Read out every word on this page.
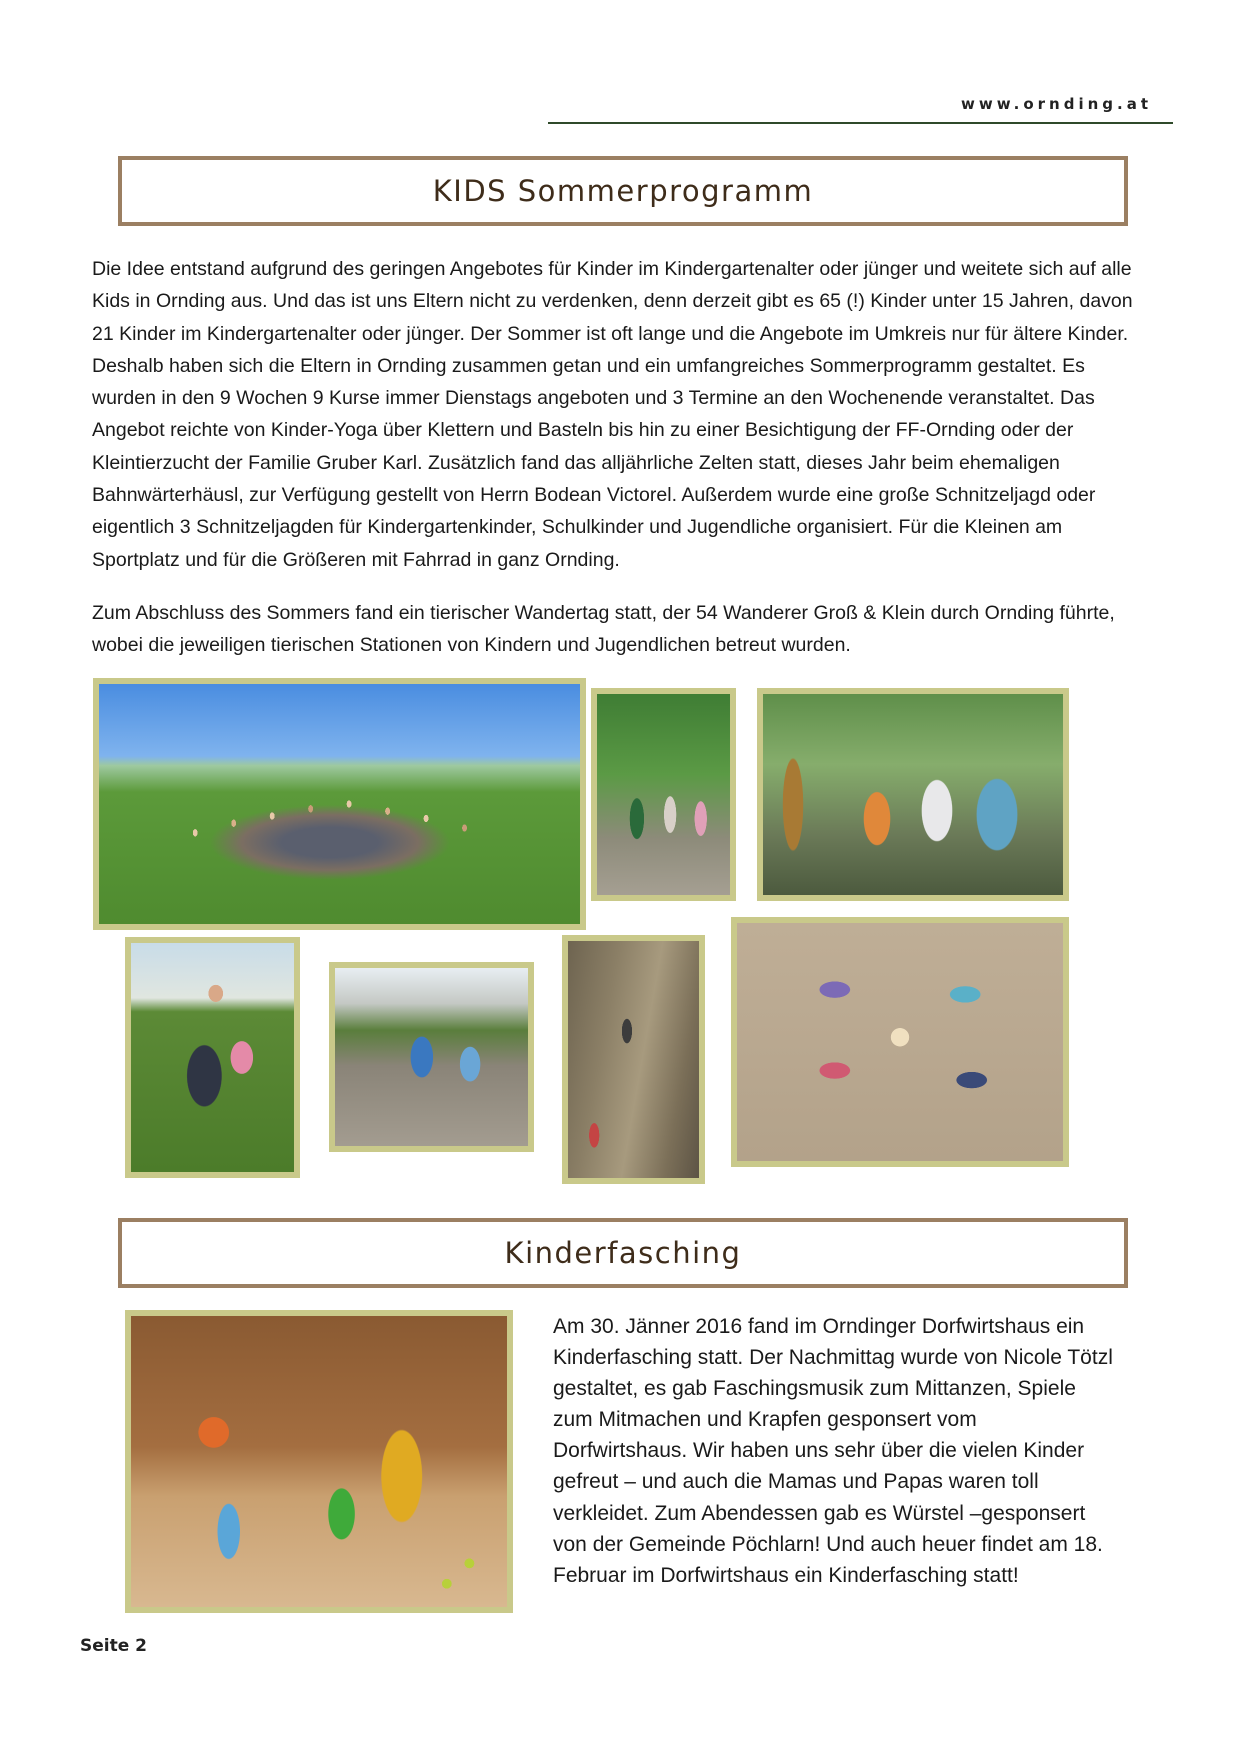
www.ornding.at
KIDS Sommerprogramm

Die Idee entstand aufgrund des geringen Angebotes für Kinder im Kindergartenalter oder jünger und weitete sich auf alle Kids in Ornding aus. Und das ist uns Eltern nicht zu verdenken, denn derzeit gibt es 65 (!) Kinder unter 15 Jahren, davon 21 Kinder im Kindergartenalter oder jünger. Der Sommer ist oft lange und die Angebote im Umkreis nur für ältere Kinder. Deshalb haben sich die Eltern in Ornding zusammen getan und ein umfangreiches Sommerprogramm gestaltet. Es wurden in den 9 Wochen 9 Kurse immer Dienstags angeboten und 3 Termine an den Wochenende veranstaltet. Das Angebot reichte von Kinder-Yoga über Klettern und Basteln bis hin zu einer Besichtigung der FF-Ornding oder der Kleintierzucht der Familie Gruber Karl. Zusätzlich fand das alljährliche Zelten statt, dieses Jahr beim ehemaligen Bahnwärterhäusl, zur Verfügung gestellt von Herrn Bodean Victorel. Außerdem wurde eine große Schnitzeljagd oder eigentlich 3 Schnitzeljagden für Kindergartenkinder, Schulkinder und Jugendliche organisiert. Für die Kleinen am Sportplatz und für die Größeren mit Fahrrad in ganz Ornding.

Zum Abschluss des Sommers fand ein tierischer Wandertag statt, der 54 Wanderer Groß & Klein durch Ornding führte, wobei die jeweiligen tierischen Stationen von Kindern und Jugendlichen betreut wurden.

Kinderfasching

Am 30. Jänner 2016 fand im Orndinger Dorfwirtshaus ein Kinderfasching statt. Der Nachmittag wurde von Nicole Tötzl gestaltet, es gab Faschingsmusik zum Mittanzen, Spiele zum Mitmachen und Krapfen gesponsert vom Dorfwirtshaus. Wir haben uns sehr über die vielen Kinder gefreut – und auch die Mamas und Papas waren toll verkleidet. Zum Abendessen gab es Würstel –gesponsert von der Gemeinde Pöchlarn! Und auch heuer findet am 18. Februar im Dorfwirtshaus ein Kinderfasching statt!

Seite 2
